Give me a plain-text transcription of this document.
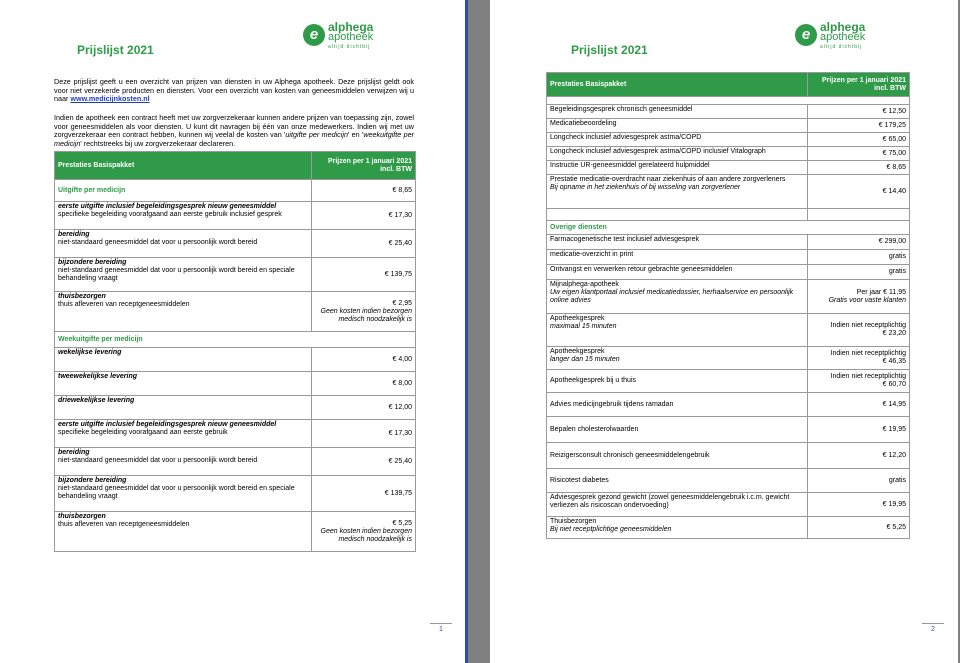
e alphega
apotheek
altijd dichtbij
Prijslijst 2021
Deze prijslijst geeft u een overzicht van prijzen van diensten in uw Alphega apotheek. Deze prijslijst geldt ook voor niet verzekerde producten en diensten. Voor een overzicht van kosten van geneesmiddelen verwijzen wij u naar www.medicijnkosten.nl
Indien de apotheek een contract heeft met uw zorgverzekeraar kunnen andere prijzen van toepassing zijn, zowel voor geneesmiddelen als voor diensten. U kunt dit navragen bij één van onze medewerkers. Indien wij met uw zorgverzekeraar een contract hebben, kunnen wij veelal de kosten van 'uitgifte per medicijn' en 'weekuitgifte per medicijn' rechtstreeks bij uw zorgverzekeraar declareren.
Prestaties Basispakket	Prijzen per 1 januari 2021
incl. BTW
Uitgifte per medicijn	€ 8,65
eerste uitgifte inclusief begeleidingsgesprek nieuw geneesmiddel
specifieke begeleiding voorafgaand aan eerste gebruik inclusief gesprek	€ 17,30
bereiding
niet-standaard geneesmiddel dat voor u persoonlijk wordt bereid	€ 25,40
bijzondere bereiding
niet-standaard geneesmiddel dat voor u persoonlijk wordt bereid en speciale behandeling vraagt	€ 139,75
thuisbezorgen
thuis afleveren van receptgeneesmiddelen	€ 2,95
Geen kosten indien bezorgen medisch noodzakelijk is
Weekuitgifte per medicijn	
wekelijkse levering	€ 4,00
tweewekelijkse levering	€ 8,00
driewekelijkse levering	€ 12,00
eerste uitgifte inclusief begeleidingsgesprek nieuw geneesmiddel
specifieke begeleiding voorafgaand aan eerste gebruik	€ 17,30
bereiding
niet-standaard geneesmiddel dat voor u persoonlijk wordt bereid	€ 25,40
bijzondere bereiding
niet-standaard geneesmiddel dat voor u persoonlijk wordt bereid en speciale behandeling vraagt	€ 139,75
thuisbezorgen
thuis afleveren van receptgeneesmiddelen	€ 5,25
Geen kosten indien bezorgen medisch noodzakelijk is
1
e alphega
apotheek
altijd dichtbij
Prijslijst 2021
Prestaties Basispakket	Prijzen per 1 januari 2021
incl. BTW

Begeleidingsgesprek chronisch geneesmiddel	€ 12,50
Medicatiebeoordeling	€ 179,25
Longcheck inclusief adviesgesprek astma/COPD	€ 65,00
Longcheck inclusief adviesgesprek astma/COPD inclusief Vitalograph	€ 75,00
Instructie UR-geneesmiddel gerelateerd hulpmiddel	€ 8,65
Prestatie medicatie-overdracht naar ziekenhuis of aan andere zorgverleners
Bij opname in het ziekenhuis of bij wisseling van zorgverlener	€ 14,40

Overige diensten	
Farmacogenetische test inclusief adviesgesprek	€ 299,00
medicatie-overzicht in print	gratis
Ontvangst en verwerken retour gebrachte geneesmiddelen	gratis
Mijnalphega-apotheek
Uw eigen klantportaal inclusief medicatiedossier, herhaalservice en persoonlijk online advies	Per jaar € 11,95
Gratis voor vaste klanten
Apotheekgesprek
maximaal 15 minuten	Indien niet receptplichtig
€ 23,20
Apotheekgesprek
langer dan 15 minuten	Indien niet receptplichtig
€ 46,35
Apotheekgesprek bij u thuis	Indien niet receptplichtig
€ 60,70
Advies medicijngebruik tijdens ramadan	€ 14,95
Bepalen cholesterolwaarden	€ 19,95
Reizigersconsult chronisch geneesmiddelengebruik	€ 12,20
Risicotest diabetes	gratis
Adviesgesprek gezond gewicht (zowel geneesmiddelengebruik i.c.m. gewicht verliezen als risicoscan ondervoeding)	€ 19,95
Thuisbezorgen
Bij niet receptplichtige geneesmiddelen	€ 5,25
2
